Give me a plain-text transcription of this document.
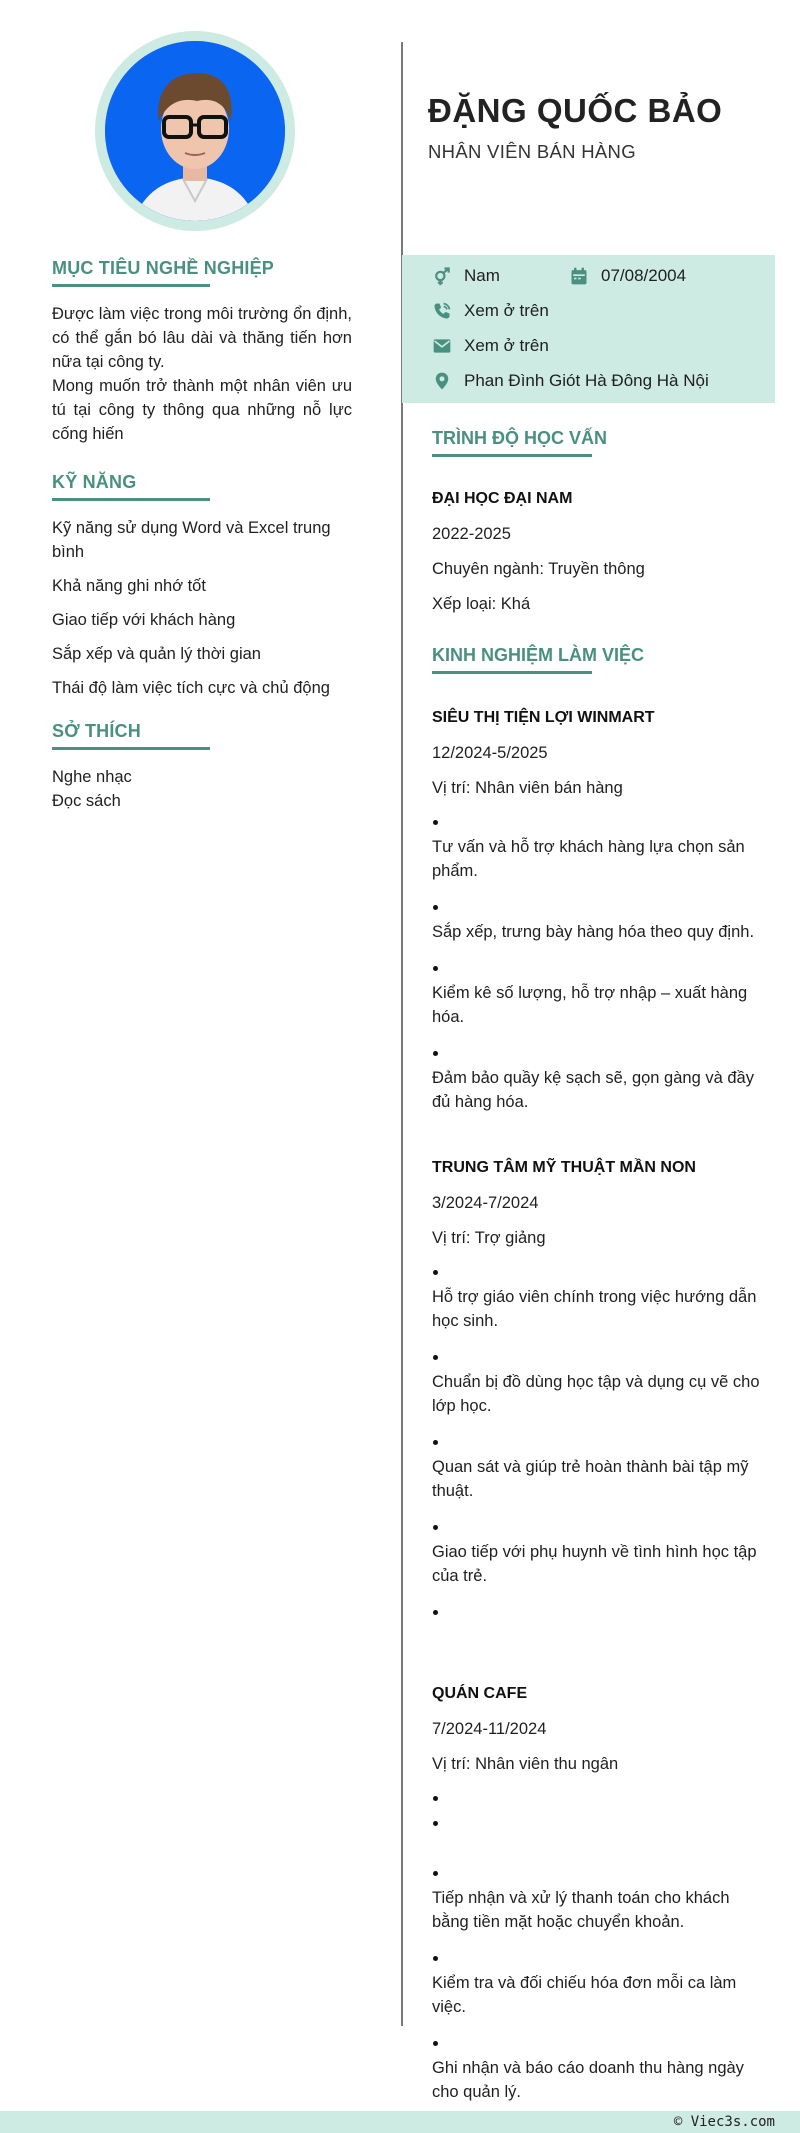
MỤC TIÊU NGHỀ NGHIỆP
Được làm việc trong môi trường ổn định, có thể gắn bó lâu dài và thăng tiến hơn nữa tại công ty.
Mong muốn trở thành một nhân viên ưu tú tại công ty thông qua những nỗ lực cống hiến
KỸ NĂNG
Kỹ năng sử dụng Word và Excel trung bình
Khả năng ghi nhớ tốt
Giao tiếp với khách hàng
Sắp xếp và quản lý thời gian
Thái độ làm việc tích cực và chủ động
SỞ THÍCH
Nghe nhạc
Đọc sách
ĐẶNG QUỐC BẢO
NHÂN VIÊN BÁN HÀNG
Nam	07/08/2004
Xem ở trên
Xem ở trên
Phan Đình Giót Hà Đông Hà Nội
TRÌNH ĐỘ HỌC VẤN
ĐẠI HỌC ĐẠI NAM
2022-2025
Chuyên ngành: Truyền thông
Xếp loại: Khá
KINH NGHIỆM LÀM VIỆC
SIÊU THỊ TIỆN LỢI WINMART
12/2024-5/2025
Vị trí: Nhân viên bán hàng
Tư vấn và hỗ trợ khách hàng lựa chọn sản phẩm.
Sắp xếp, trưng bày hàng hóa theo quy định.
Kiểm kê số lượng, hỗ trợ nhập – xuất hàng hóa.
Đảm bảo quầy kệ sạch sẽ, gọn gàng và đầy đủ hàng hóa.
TRUNG TÂM MỸ THUẬT MẦN NON
3/2024-7/2024
Vị trí: Trợ giảng
Hỗ trợ giáo viên chính trong việc hướng dẫn học sinh.
Chuẩn bị đồ dùng học tập và dụng cụ vẽ cho lớp học.
Quan sát và giúp trẻ hoàn thành bài tập mỹ thuật.
Giao tiếp với phụ huynh về tình hình học tập của trẻ.
QUÁN CAFE
7/2024-11/2024
Vị trí: Nhân viên thu ngân
Tiếp nhận và xử lý thanh toán cho khách bằng tiền mặt hoặc chuyển khoản.
Kiểm tra và đối chiếu hóa đơn mỗi ca làm việc.
Ghi nhận và báo cáo doanh thu hàng ngày cho quản lý.
© Viec3s.com
